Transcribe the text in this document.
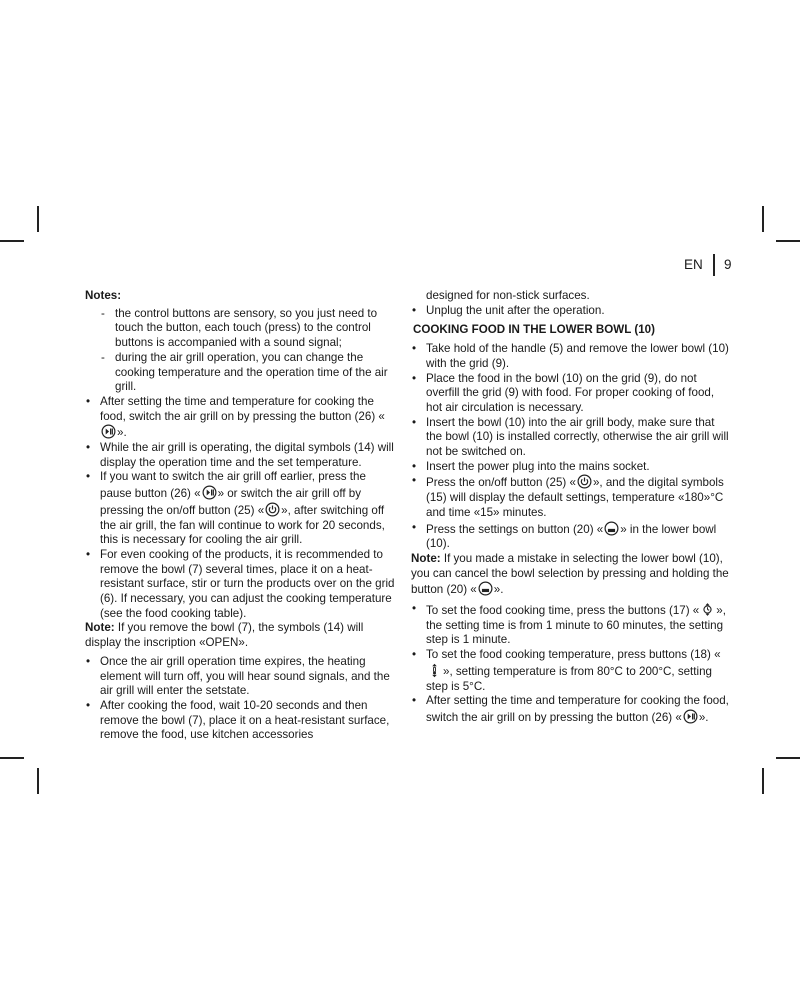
EN 9

Notes:

- the control buttons are sensory, so you just need to touch the button, each touch (press) to the control buttons is accompanied with a sound signal;
- during the air grill operation, you can change the cooking temperature and the operation time of the air grill.
• After setting the time and temperature for cooking the food, switch the air grill on by pressing the button (26) «».
• While the air grill is operating, the digital symbols (14) will display the operation time and the set temperature.
• If you want to switch the air grill off earlier, press the pause button (26) « » or switch the air grill off by pressing the on/off button (25) « », after switching off the air grill, the fan will continue to work for 20 seconds, this is necessary for cooling the air grill.
• For even cooking of the products, it is recommended to remove the bowl (7) several times, place it on a heat-resistant surface, stir or turn the products over on the grid (6). If necessary, you can adjust the cooking temperature (see the food cooking table).

Note: If you remove the bowl (7), the symbols (14) will display the inscription «OPEN».

• Once the air grill operation time expires, the heating element will turn off, you will hear sound signals, and the air grill will enter the setstate.
• After cooking the food, wait 10-20 seconds and then remove the bowl (7), place it on a heat-resistant surface, remove the food, use kitchen accessories

designed for non-stick surfaces.

• Unplug the unit after the operation.

COOKING FOOD IN THE LOWER BOWL (10)

• Take hold of the handle (5) and remove the lower bowl (10) with the grid (9).
• Place the food in the bowl (10) on the grid (9), do not overfill the grid (9) with food. For proper cooking of food, hot air circulation is necessary.
• Insert the bowl (10) into the air grill body, make sure that the bowl (10) is installed correctly, otherwise the air grill will not be switched on.
• Insert the power plug into the mains socket.
• Press the on/off button (25) « », and the digital symbols (15) will display the default settings, temperature «180»°C and time «15» minutes.
• Press the settings on button (20) « » in the lower bowl (10).

Note: If you made a mistake in selecting the lower bowl (10), you can cancel the bowl selection by pressing and holding the button (20) « ».

• To set the food cooking time, press the buttons (17) « », the setting time is from 1 minute to 60 minutes, the setting step is 1 minute.
• To set the food cooking temperature, press buttons (18) «», setting temperature is from 80°C to 200°C, setting step is 5°C.
• After setting the time and temperature for cooking the food, switch the air grill on by pressing the button (26) « ».
